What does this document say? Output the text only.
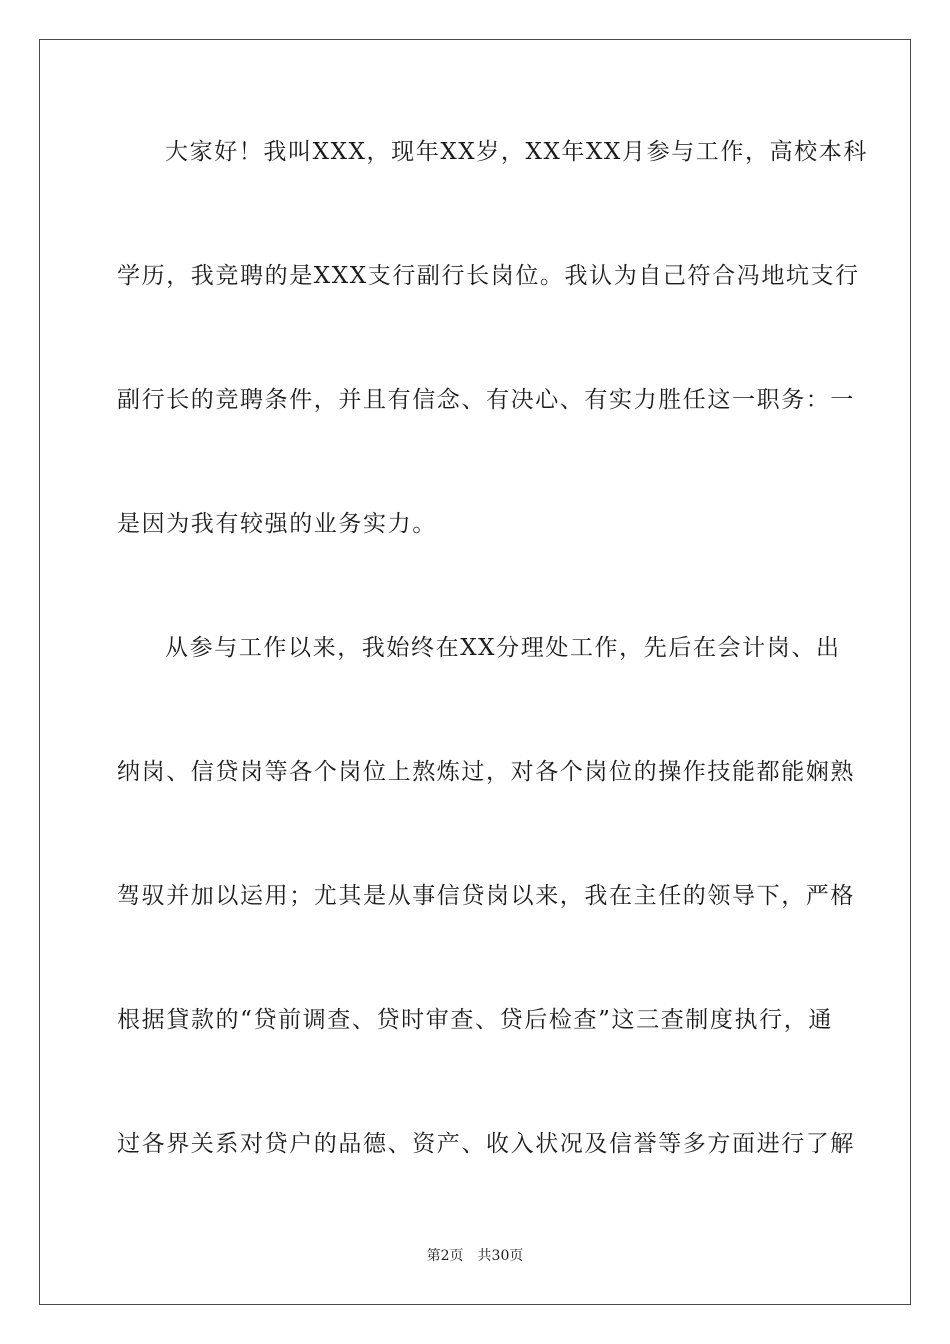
大家好！我叫XXX，现年XX岁，XX年XX月参与工作，高校本科
学历，我竞聘的是XXX支行副行长岗位。我认为自己符合冯地坑支行
副行长的竞聘条件，并且有信念、有决心、有实力胜任这一职务：一
是因为我有较强的业务实力。
从参与工作以来，我始终在XX分理处工作，先后在会计岗、出
纳岗、信贷岗等各个岗位上熬炼过，对各个岗位的操作技能都能娴熟
驾驭并加以运用；尤其是从事信贷岗以来，我在主任的领导下，严格
根据貸款的“贷前调查、贷时审查、贷后检查”这三查制度执行，通
过各界关系对贷户的品德、资产、收入状况及信誉等多方面进行了解
第2页 共30页
